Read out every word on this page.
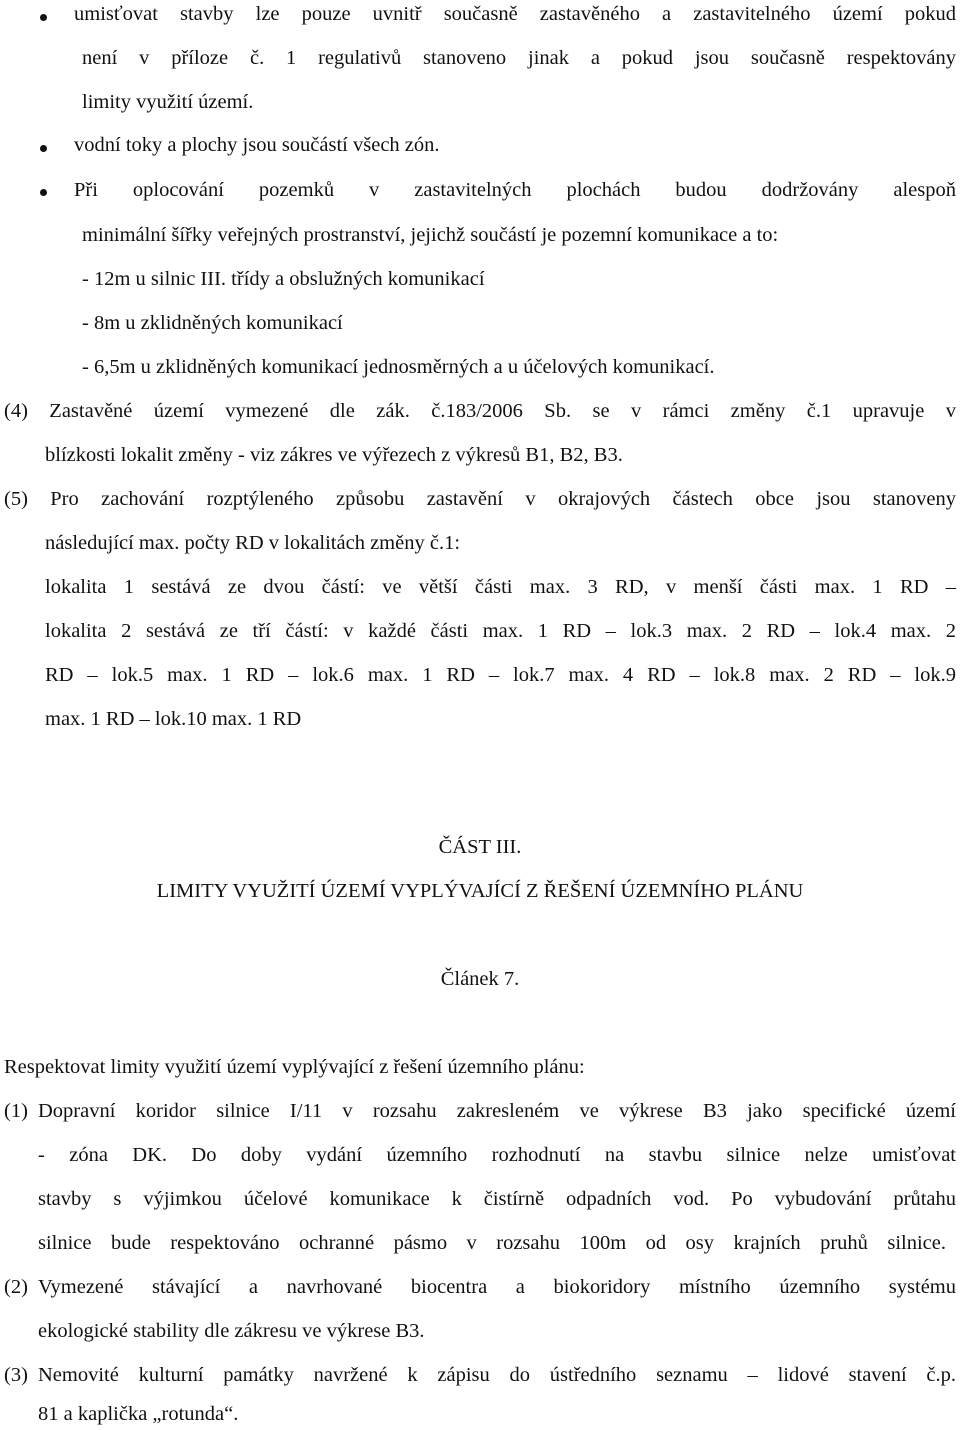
umisťovat stavby lze pouze uvnitř současně zastavěného a zastavitelného území pokud
není v příloze č. 1 regulativů stanoveno jinak a pokud jsou současně respektovány
limity využití území.
vodní toky a plochy jsou součástí všech zón.
Při oplocování pozemků v zastavitelných plochách budou dodržovány alespoň
minimální šířky veřejných prostranství, jejichž součástí je pozemní komunikace a to:
- 12m u silnic III. třídy a obslužných komunikací
- 8m u zklidněných komunikací
- 6,5m u zklidněných komunikací jednosměrných a u účelových komunikací.
(4) Zastavěné území vymezené dle zák. č.183/2006 Sb. se v rámci změny č.1 upravuje v
blízkosti lokalit změny - viz zákres ve výřezech z výkresů B1, B2, B3.
(5) Pro zachování rozptýleného způsobu zastavění v okrajových částech obce jsou stanoveny
následující max. počty RD v lokalitách změny č.1:
lokalita 1 sestává ze dvou částí: ve větší části max. 3 RD, v menší části max. 1 RD –
lokalita 2 sestává ze tří částí: v každé části max. 1 RD – lok.3 max. 2 RD – lok.4 max. 2
RD – lok.5 max. 1 RD – lok.6 max. 1 RD – lok.7 max. 4 RD – lok.8 max. 2 RD – lok.9
max. 1 RD – lok.10 max. 1 RD
ČÁST III.
LIMITY VYUŽITÍ ÚZEMÍ VYPLÝVAJÍCÍ Z ŘEŠENÍ ÚZEMNÍHO PLÁNU
Článek 7.
Respektovat limity využití území vyplývající z řešení územního plánu:
(1) Dopravní koridor silnice I/11 v rozsahu zakresleném ve výkrese B3 jako specifické území
- zóna DK. Do doby vydání územního rozhodnutí na stavbu silnice nelze umisťovat
stavby s výjimkou účelové komunikace k čistírně odpadních vod. Po vybudování průtahu
silnice bude respektováno ochranné pásmo v rozsahu 100m od osy krajních pruhů silnice.
(2) Vymezené stávající a navrhované biocentra a biokoridory místního územního systému
ekologické stability dle zákresu ve výkrese B3.
(3) Nemovité kulturní památky navržené k zápisu do ústředního seznamu – lidové stavení č.p.
81 a kaplička „rotunda“.
